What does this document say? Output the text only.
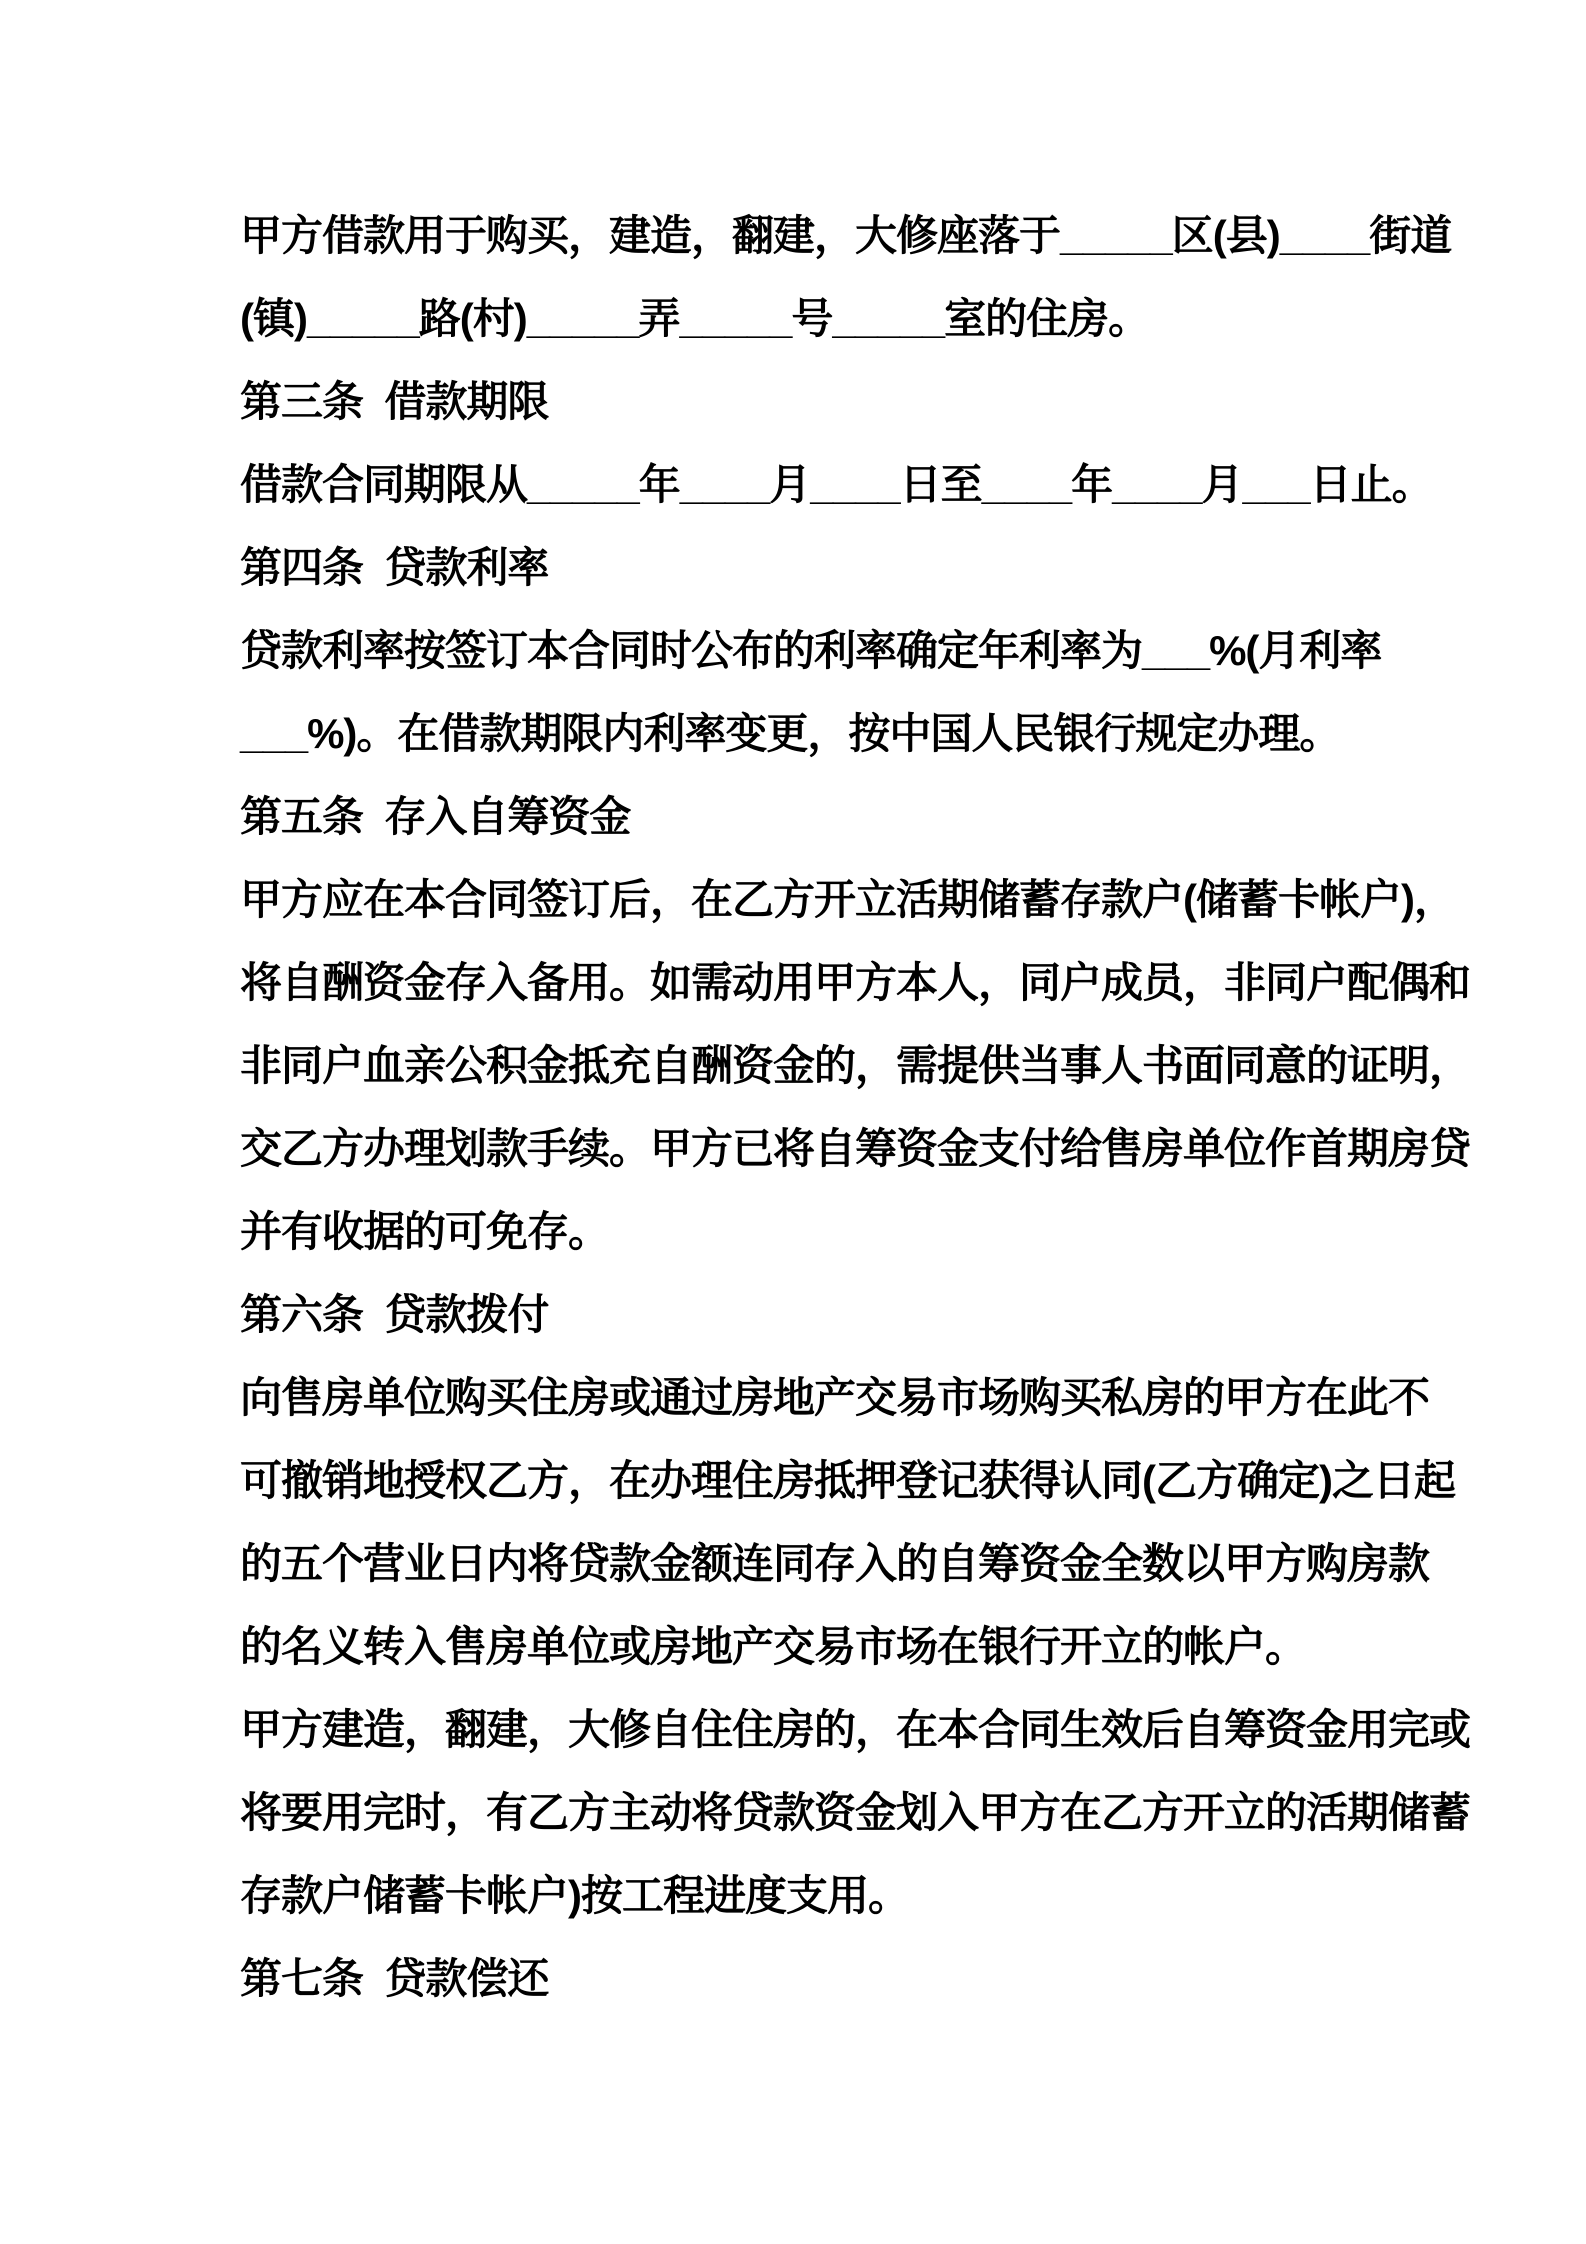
甲方借款用于购买，建造，翻建，大修座落于_____区(县)____街道
(镇)_____路(村)_____弄_____号_____室的住房。
第三条  借款期限
借款合同期限从_____年____月____日至____年____月___日止。
第四条  贷款利率
贷款利率按签订本合同时公布的利率确定年利率为___%(月利率
___%)。在借款期限内利率变更，按中国人民银行规定办理。
第五条  存入自筹资金
甲方应在本合同签订后，在乙方开立活期储蓄存款户(储蓄卡帐户)，
将自酬资金存入备用。如需动用甲方本人，同户成员，非同户配偶和
非同户血亲公积金抵充自酬资金的，需提供当事人书面同意的证明，
交乙方办理划款手续。甲方已将自筹资金支付给售房单位作首期房贷
并有收据的可免存。
第六条  贷款拨付
向售房单位购买住房或通过房地产交易市场购买私房的甲方在此不
可撤销地授权乙方，在办理住房抵押登记获得认同(乙方确定)之日起
的五个营业日内将贷款金额连同存入的自筹资金全数以甲方购房款
的名义转入售房单位或房地产交易市场在银行开立的帐户。
甲方建造，翻建，大修自住住房的，在本合同生效后自筹资金用完或
将要用完时，有乙方主动将贷款资金划入甲方在乙方开立的活期储蓄
存款户储蓄卡帐户)按工程进度支用。
第七条  贷款偿还
